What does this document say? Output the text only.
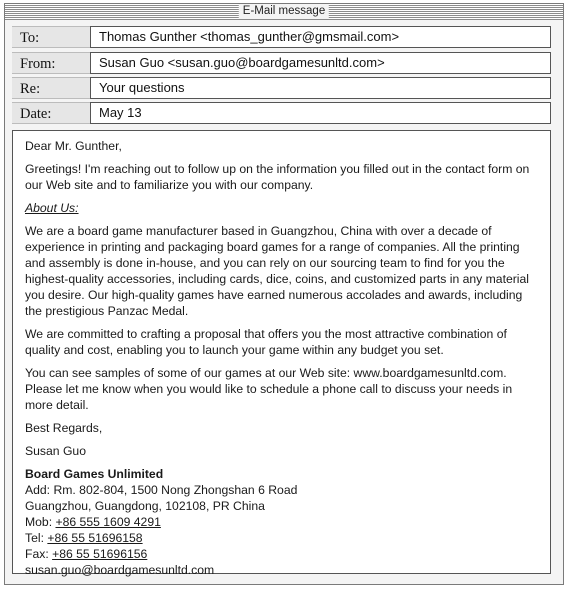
E-Mail message
To:	Thomas Gunther <thomas_gunther@gmsmail.com>
From:	Susan Guo <susan.guo@boardgamesunltd.com>
Re:	Your questions
Date:	May 13

Dear Mr. Gunther,

Greetings! I'm reaching out to follow up on the information you filled out in the contact form on our Web site and to familiarize you with our company.

About Us:

We are a board game manufacturer based in Guangzhou, China with over a decade of experience in printing and packaging board games for a range of companies. All the printing and assembly is done in-house, and you can rely on our sourcing team to find for you the highest-quality accessories, including cards, dice, coins, and customized parts in any material you desire. Our high-quality games have earned numerous accolades and awards, including the prestigious Panzac Medal.

We are committed to crafting a proposal that offers you the most attractive combination of quality and cost, enabling you to launch your game within any budget you set.

You can see samples of some of our games at our Web site: www.boardgamesunltd.com. Please let me know when you would like to schedule a phone call to discuss your needs in more detail.

Best Regards,

Susan Guo

Board Games Unlimited
Add: Rm. 802-804, 1500 Nong Zhongshan 6 Road
Guangzhou, Guangdong, 102108, PR China
Mob: +86 555 1609 4291
Tel: +86 55 51696158
Fax: +86 55 51696156
susan.guo@boardgamesunltd.com
